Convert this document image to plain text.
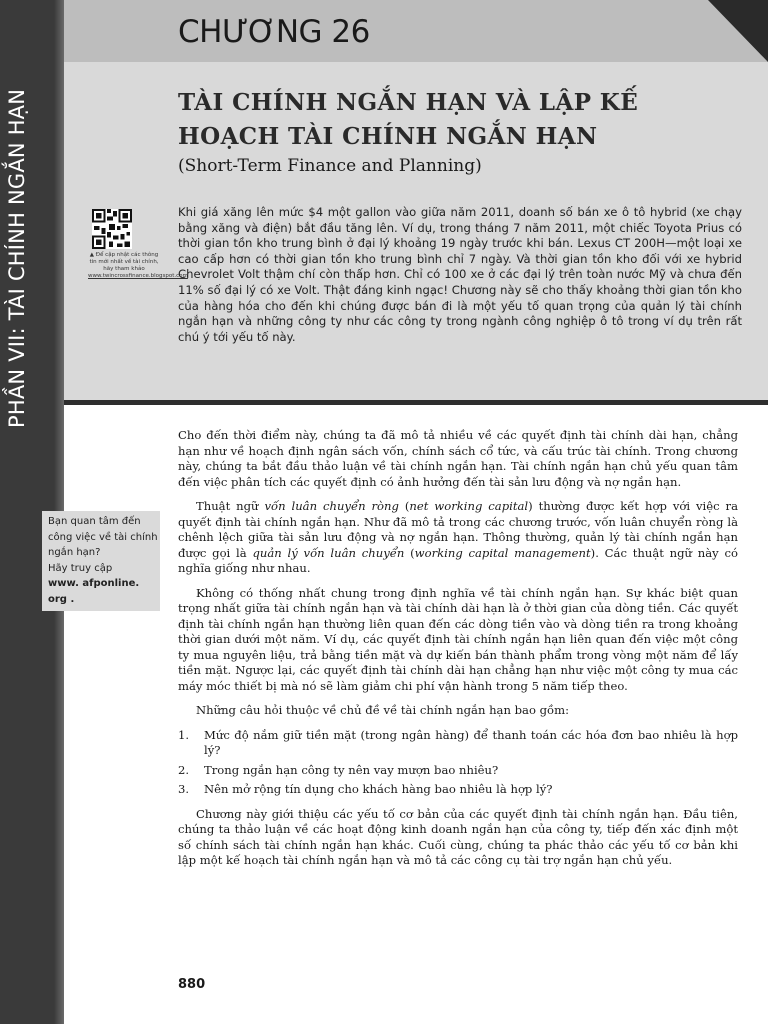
PHẦN VII: TÀI CHÍNH NGẮN HẠN
CHƯƠNG 26
TÀI CHÍNH NGẮN HẠN VÀ LẬP KẾ
HOẠCH TÀI CHÍNH NGẮN HẠN
(Short-Term Finance and Planning)
▲ Để cập nhật các thông tin mới nhất về tài chính, hãy tham khảo www.twincrossfinance.blogspot.com
Khi giá xăng lên mức $4 một gallon vào giữa năm 2011, doanh số bán xe ô tô hybrid (xe chạy bằng xăng và điện) bắt đầu tăng lên. Ví dụ, trong tháng 7 năm 2011, một chiếc Toyota Prius có thời gian tồn kho trung bình ở đại lý khoảng 19 ngày trước khi bán. Lexus CT 200H—một loại xe cao cấp hơn có thời gian tồn kho trung bình chỉ 7 ngày. Và thời gian tồn kho đối với xe hybrid Chevrolet Volt thậm chí còn thấp hơn. Chỉ có 100 xe ở các đại lý trên toàn nước Mỹ và chưa đến 11% số đại lý có xe Volt. Thật đáng kinh ngạc! Chương này sẽ cho thấy khoảng thời gian tồn kho của hàng hóa cho đến khi chúng được bán đi là một yếu tố quan trọng của quản lý tài chính ngắn hạn và những công ty như các công ty trong ngành công nghiệp ô tô trong ví dụ trên rất chú ý tới yếu tố này.
Bạn quan tâm đến công việc về tài chính ngắn hạn?
Hãy truy cập
www. afponline.
org .

Cho đến thời điểm này, chúng ta đã mô tả nhiều về các quyết định tài chính dài hạn, chẳng hạn như về hoạch định ngân sách vốn, chính sách cổ tức, và cấu trúc tài chính. Trong chương này, chúng ta bắt đầu thảo luận về tài chính ngắn hạn. Tài chính ngắn hạn chủ yếu quan tâm đến việc phân tích các quyết định có ảnh hưởng đến tài sản lưu động và nợ ngắn hạn.

Thuật ngữ vốn luân chuyển ròng (net working capital) thường được kết hợp với việc ra quyết định tài chính ngắn hạn. Như đã mô tả trong các chương trước, vốn luân chuyển ròng là chênh lệch giữa tài sản lưu động và nợ ngắn hạn. Thông thường, quản lý tài chính ngắn hạn được gọi là quản lý vốn luân chuyển (working capital management). Các thuật ngữ này có nghĩa giống như nhau.

Không có thống nhất chung trong định nghĩa về tài chính ngắn hạn. Sự khác biệt quan trọng nhất giữa tài chính ngắn hạn và tài chính dài hạn là ở thời gian của dòng tiền. Các quyết định tài chính ngắn hạn thường liên quan đến các dòng tiền vào và dòng tiền ra trong khoảng thời gian dưới một năm. Ví dụ, các quyết định tài chính ngắn hạn liên quan đến việc một công ty mua nguyên liệu, trả bằng tiền mặt và dự kiến bán thành phẩm trong vòng một năm để lấy tiền mặt. Ngược lại, các quyết định tài chính dài hạn chẳng hạn như việc một công ty mua các máy móc thiết bị mà nó sẽ làm giảm chi phí vận hành trong 5 năm tiếp theo.

Những câu hỏi thuộc về chủ đề về tài chính ngắn hạn bao gồm:

1. Mức độ nắm giữ tiền mặt (trong ngân hàng) để thanh toán các hóa đơn bao nhiêu là hợp lý?
2. Trong ngắn hạn công ty nên vay mượn bao nhiêu?
3. Nên mở rộng tín dụng cho khách hàng bao nhiêu là hợp lý?

Chương này giới thiệu các yếu tố cơ bản của các quyết định tài chính ngắn hạn. Đầu tiên, chúng ta thảo luận về các hoạt động kinh doanh ngắn hạn của công ty, tiếp đến xác định một số chính sách tài chính ngắn hạn khác. Cuối cùng, chúng ta phác thảo các yếu tố cơ bản khi lập một kế hoạch tài chính ngắn hạn và mô tả các công cụ tài trợ ngắn hạn chủ yếu.

880
